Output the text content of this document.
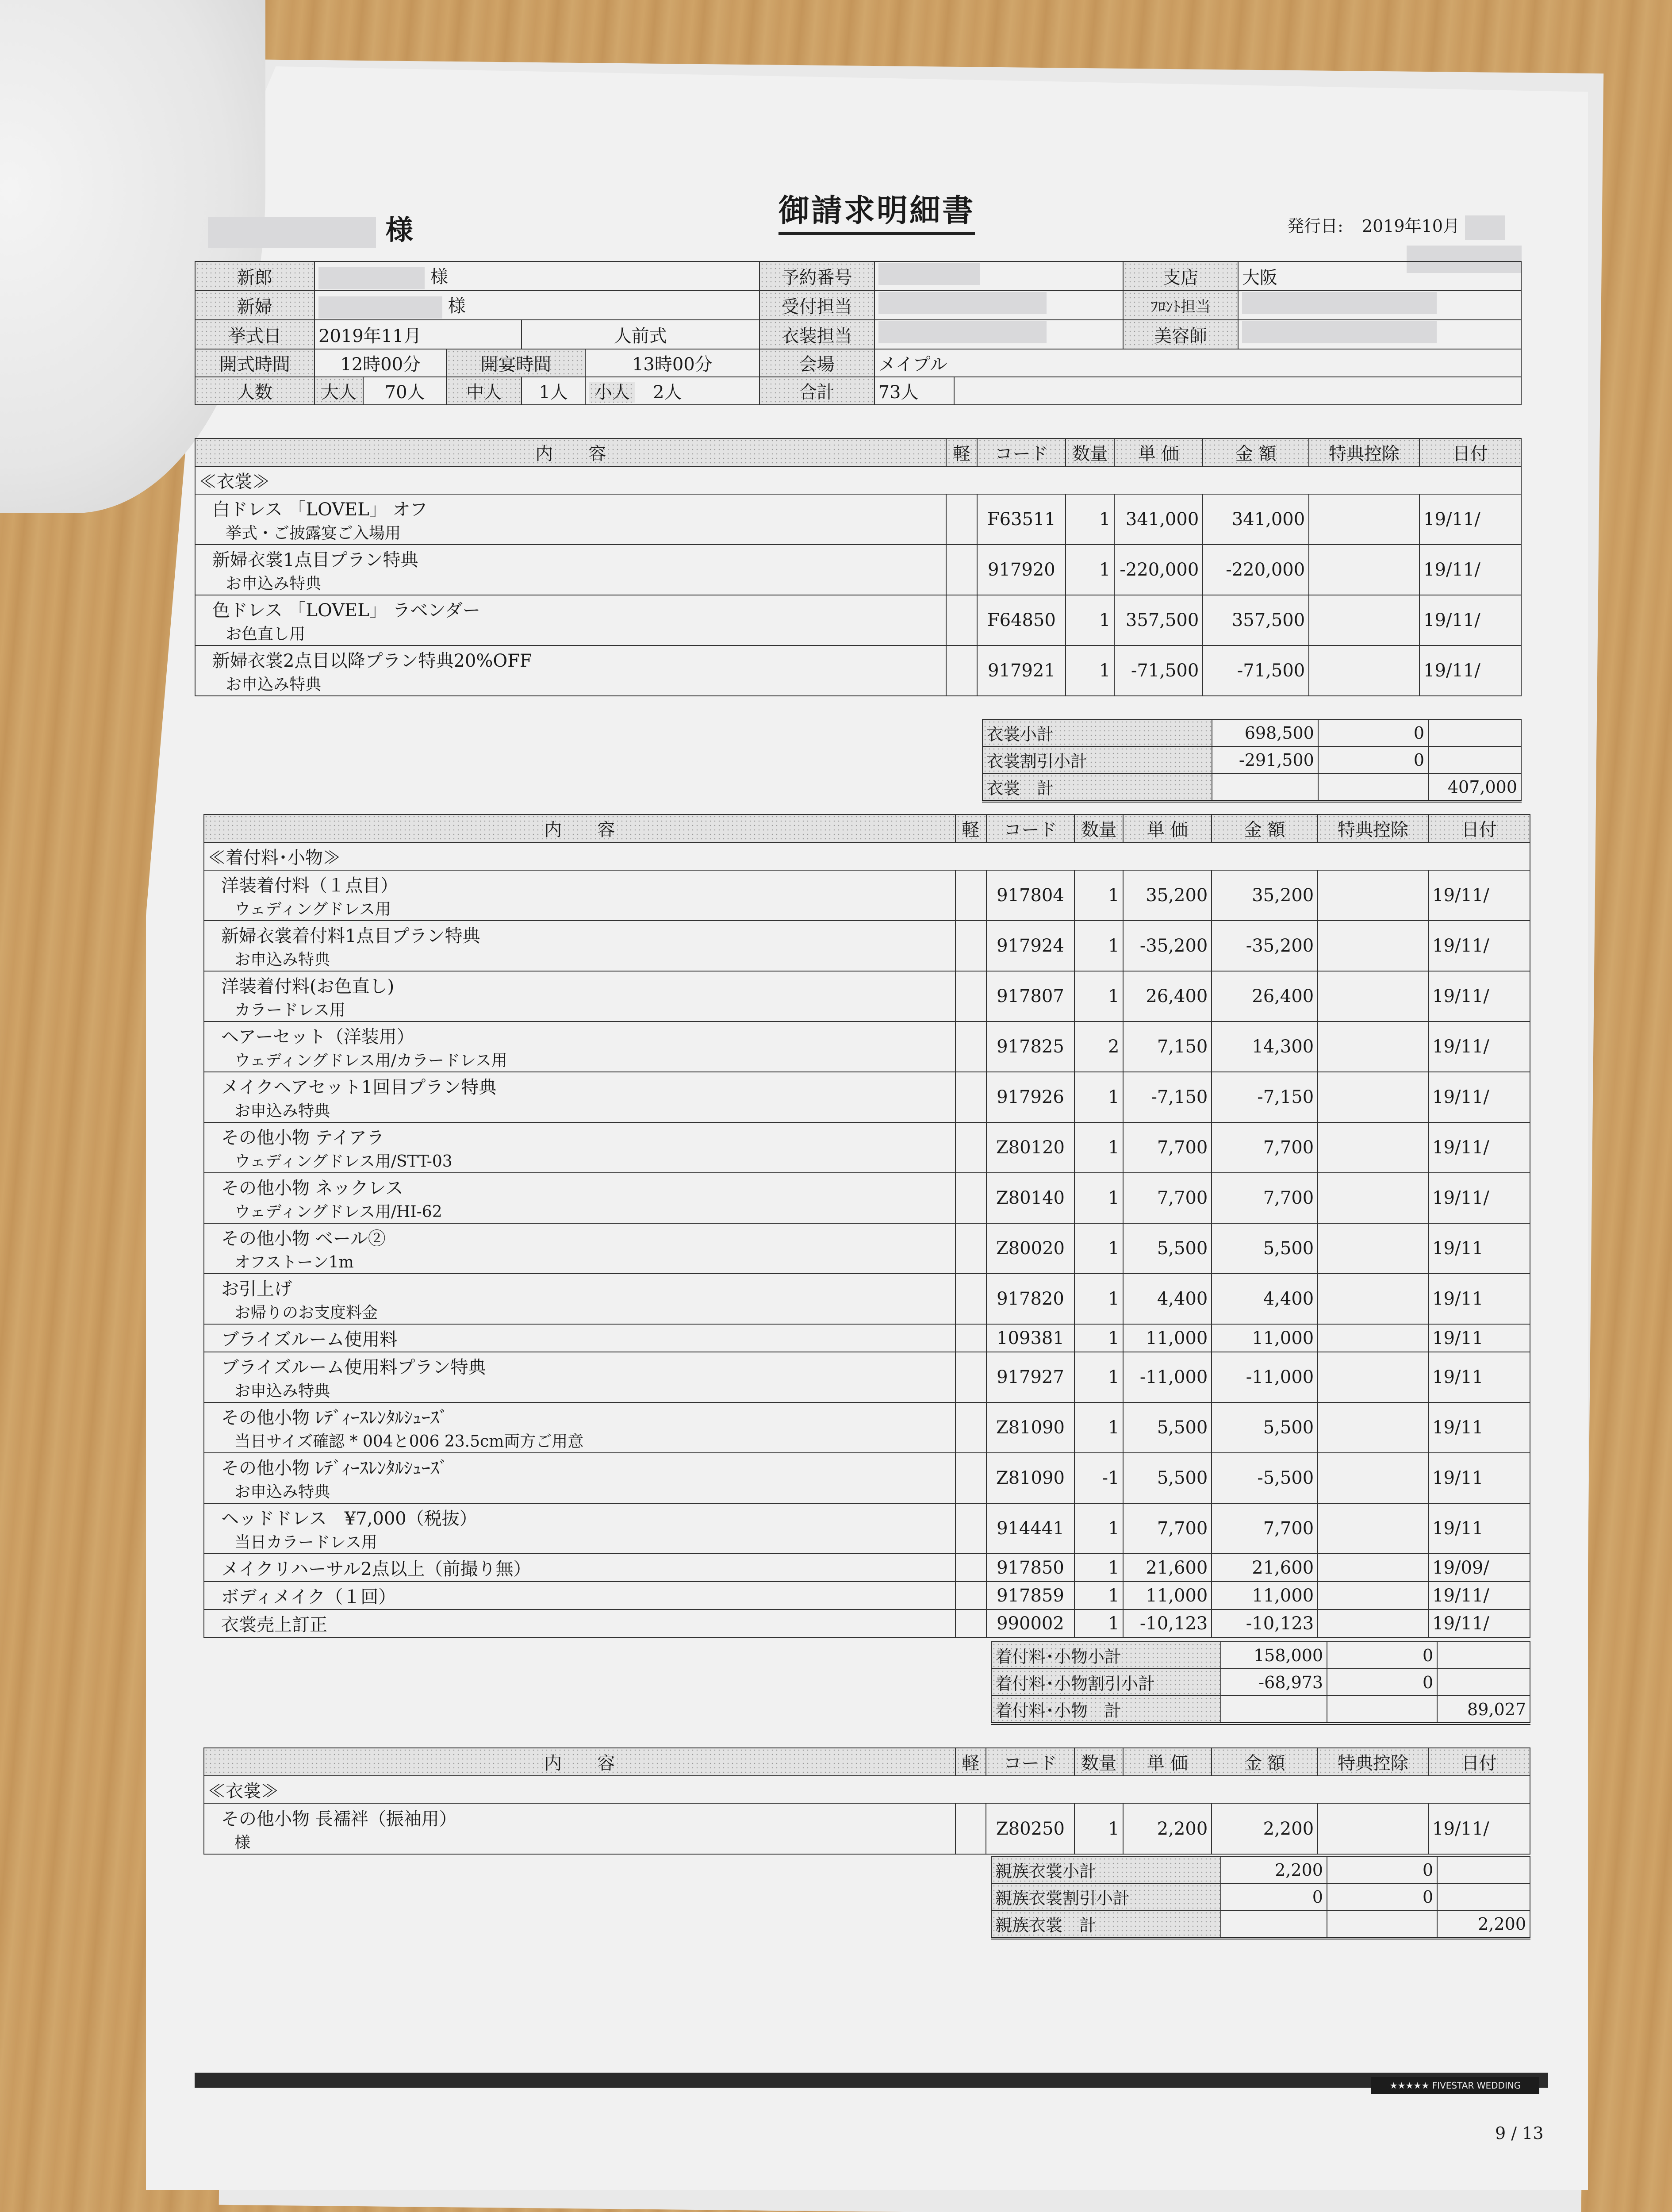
御請求明細書
様	発行日: 2019年10月
新郎	様					予約番号			支店	大阪
新婦	様					受付担当			ﾌﾛﾝﾄ担当	
挙式日	2019年11月			人前式		衣装担当			美容師	
開式時間	12時00分		開宴時間		13時00分	会場	メイプル			
人数	大人	70人	中人	1人	小人　 2人	合計	73人			
内　　容	軽	コード	数量	単 価	金 額	特典控除	日付
≪衣裳≫							

白ドレス 「LOVEL」 オフ
挙式・ご披露宴ご入場用		F63511	1	341,000	341,000		19/11/

新婦衣裳1点目プラン特典
お申込み特典		917920	1	-220,000	-220,000		19/11/

色ドレス 「LOVEL」 ラベンダー
お色直し用		F64850	1	357,500	357,500		19/11/

新婦衣裳2点目以降プラン特典20%OFF
お申込み特典		917921	1	-71,500	-71,500		19/11/
衣裳小計	698,500	0	
衣裳割引小計	-291,500	0	
衣裳　計			407,000
内　　容	軽	コード	数量	単 価	金 額	特典控除	日付
≪着付料･小物≫							

洋装着付料（１点目）
ウェディングドレス用		917804	1	35,200	35,200		19/11/

新婦衣裳着付料1点目プラン特典
お申込み特典		917924	1	-35,200	-35,200		19/11/

洋装着付料(お色直し)
カラードレス用		917807	1	26,400	26,400		19/11/

ヘアーセット（洋装用）
ウェディングドレス用/カラードレス用		917825	2	7,150	14,300		19/11/

メイクヘアセット1回目プラン特典
お申込み特典		917926	1	-7,150	-7,150		19/11/

その他小物 テイアラ
ウェディングドレス用/STT-03		Z80120	1	7,700	7,700		19/11/

その他小物 ネックレス
ウェディングドレス用/HI-62		Z80140	1	7,700	7,700		19/11/

その他小物 ベール②
オフストーン1m		Z80020	1	5,500	5,500		19/11

お引上げ
お帰りのお支度料金		917820	1	4,400	4,400		19/11

ブライズルーム使用料		109381	1	11,000	11,000		19/11

ブライズルーム使用料プラン特典
お申込み特典		917927	1	-11,000	-11,000		19/11

その他小物 ﾚﾃﾞｨｰｽﾚﾝﾀﾙｼｭｰｽﾞ
当日サイズ確認 * 004と006 23.5cm両方ご用意		Z81090	1	5,500	5,500		19/11

その他小物 ﾚﾃﾞｨｰｽﾚﾝﾀﾙｼｭｰｽﾞ
お申込み特典		Z81090	-1	5,500	-5,500		19/11

ヘッドドレス　¥7,000（税抜）
当日カラードレス用		914441	1	7,700	7,700		19/11

メイクリハーサル2点以上（前撮り無）		917850	1	21,600	21,600		19/09/

ボディメイク（１回）		917859	1	11,000	11,000		19/11/

衣裳売上訂正		990002	1	-10,123	-10,123		19/11/
着付料･小物小計	158,000	0	
着付料･小物割引小計	-68,973	0	
着付料･小物　計			89,027
内　　容	軽	コード	数量	単 価	金 額	特典控除	日付
≪衣裳≫							

その他小物 長襦袢（振袖用）
様		Z80250	1	2,200	2,200		19/11/
親族衣裳小計	2,200	0	
親族衣裳割引小計	0	0	
親族衣裳　計			2,200
★★★★★ FIVESTAR WEDDING
9 / 13
